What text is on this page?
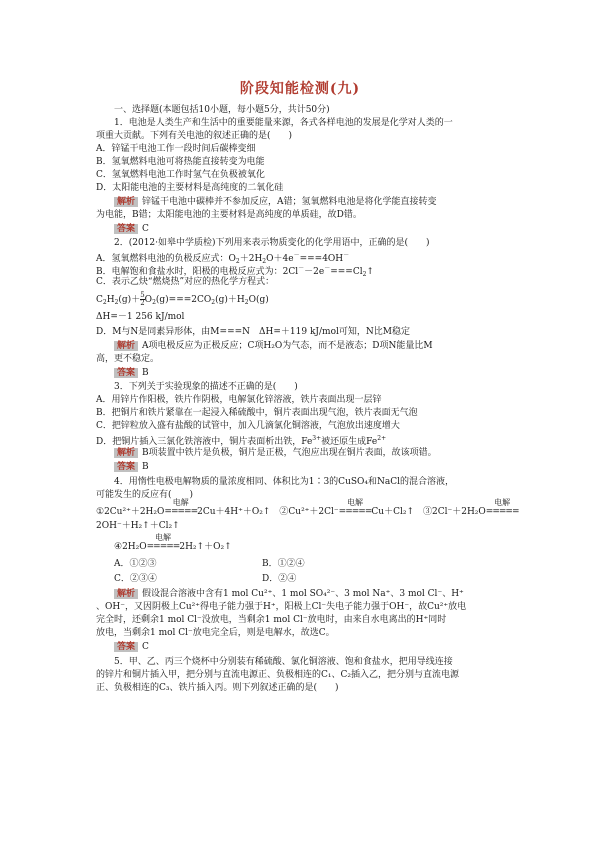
阶段知能检测(九)
一、选择题(本题包括10小题，每小题5分，共计50分)
1．电池是人类生产和生活中的重要能量来源，各式各样电池的发展是化学对人类的一
项重大贡献。下列有关电池的叙述正确的是(　　)
A．锌锰干电池工作一段时间后碳棒变细
B．氢氧燃料电池可将热能直接转变为电能
C．氢氧燃料电池工作时氢气在负极被氧化
D．太阳能电池的主要材料是高纯度的二氧化硅
解析 锌锰干电池中碳棒并不参加反应，A错；氢氧燃料电池是将化学能直接转变
为电能，B错；太阳能电池的主要材料是高纯度的单质硅，故D错。
答案 C
2．(2012·如皋中学质检)下列用来表示物质变化的化学用语中，正确的是(　　)
A．氢氧燃料电池的负极反应式：$O_2+2H_2O+4e^-===4OH^-$
B．电解饱和食盐水时，阳极的电极反应式为：$2Cl^--2e^-===Cl_2↑$
C．表示乙炔“燃烧热”对应的热化学方程式：
$C_2H_2(g)+ \frac{5}{2} O_2(g)===2CO_2(g)+H_2O(g)$
ΔH=－1 256 kJ/mol
D．M与N是同素异形体，由M===N　ΔH=＋119 kJ/mol可知，N比M稳定
解析 A项电极反应为正极反应；C项H₂O为气态，而不是液态；D项N能量比M
高，更不稳定。
答案 B
3．下列关于实验现象的描述不正确的是(　　)
A．用锌片作阳极，铁片作阴极，电解氯化锌溶液，铁片表面出现一层锌
B．把铜片和铁片紧靠在一起浸入稀硫酸中，铜片表面出现气泡，铁片表面无气泡
C．把锌粒放入盛有盐酸的试管中，加入几滴氯化铜溶液，气泡放出速度增大
D．把铜片插入三氯化铁溶液中，铜片表面析出铁，$Fe^{3+}$被还原生成$Fe^{2+}$
解析 B项装置中铁片是负极，铜片是正极，气泡应出现在铜片表面，故该项错。
答案 B
4．用惰性电极电解物质的量浓度相同、体积比为1∶3的CuSO₄和NaCl的混合溶液，
可能发生的反应有(　　)
①2Cu²⁺＋2H₂O
电解
=====2Cu＋4H⁺＋O₂↑　②Cu²⁺＋2Cl⁻
电解
=====Cu＋Cl₂↑　③2Cl⁻＋2H₂O
电解
=====
2OH⁻＋H₂↑＋Cl₂↑
④2H₂O
电解
=====2H₂↑＋O₂↑
A．①②③	B．①②④
C．②③④	D．②④
解析 假设混合溶液中含有1 mol Cu²⁺、1 mol SO₄²⁻、3 mol Na⁺、3 mol Cl⁻、H⁺
、OH⁻，又因阴极上Cu²⁺得电子能力强于H⁺，阳极上Cl⁻失电子能力强于OH⁻，故Cu²⁺放电
完全时，还剩余1 mol Cl⁻没放电，当剩余1 mol Cl⁻放电时，由来自水电离出的H⁺同时
放电，当剩余1 mol Cl⁻放电完全后，则是电解水，故选C。
答案 C
5．甲、乙、丙三个烧杯中分别装有稀硫酸、氯化铜溶液、饱和食盐水，把用导线连接
的锌片和铜片插入甲，把分别与直流电源正、负极相连的C₁、C₂插入乙，把分别与直流电源
正、负极相连的C₃、铁片插入丙。则下列叙述正确的是(　　)
